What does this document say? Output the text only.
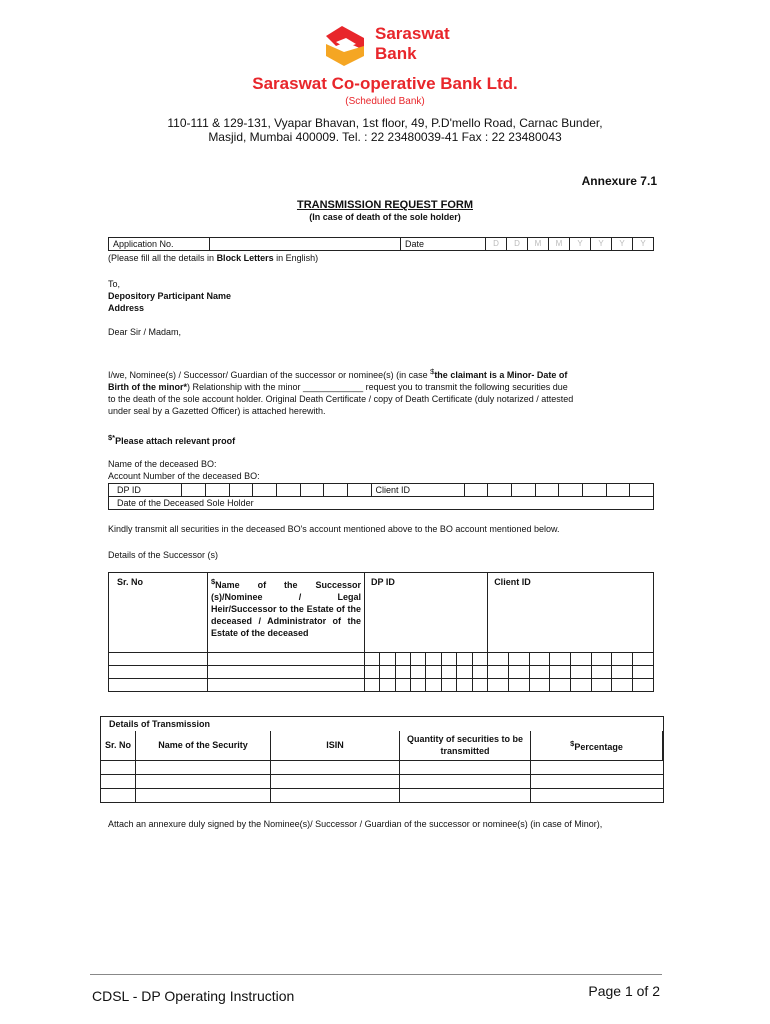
Saraswat
Bank
Saraswat Co-operative Bank Ltd.
(Scheduled Bank)
110-111 & 129-131, Vyapar Bhavan, 1st floor, 49, P.D'mello Road, Carnac Bunder,
Masjid, Mumbai 400009. Tel. : 22 23480039-41 Fax : 22 23480043
Annexure 7.1
TRANSMISSION REQUEST FORM
(In case of death of the sole holder)
Application No.		Date	D	D	M	M	Y	Y	Y	Y
(Please fill all the details in Block Letters in English)
To,
Depository Participant Name
Address
Dear Sir / Madam,
I/we, Nominee(s) / Successor/ Guardian of the successor or nominee(s) (in case $the claimant is a Minor- Date of
Birth of the minor*) Relationship with the minor ____________ request you to transmit the following securities due
to the death of the sole account holder. Original Death Certificate / copy of Death Certificate (duly notarized / attested
under seal by a Gazetted Officer) is attached herewith.
$*Please attach relevant proof
Name of the deceased BO:
Account Number of the deceased BO:
DP ID									Client ID								
Date of the Deceased Sole Holder
Kindly transmit all securities in the deceased BO's account mentioned above to the BO account mentioned below.
Details of the Successor (s)
Sr. No	$Name of the Successor (s)/Nominee / Legal Heir/Successor to the Estate of the deceased / Administrator of the Estate of the deceased	DP ID								Client ID							

Details of Transmission				
Sr. No	Name of the Security	ISIN	Quantity of securities to be transmitted	$Percentage

Attach an annexure duly signed by the Nominee(s)/ Successor / Guardian of the successor or nominee(s) (in case of Minor),
CDSL - DP Operating Instruction	Page 1 of 2
